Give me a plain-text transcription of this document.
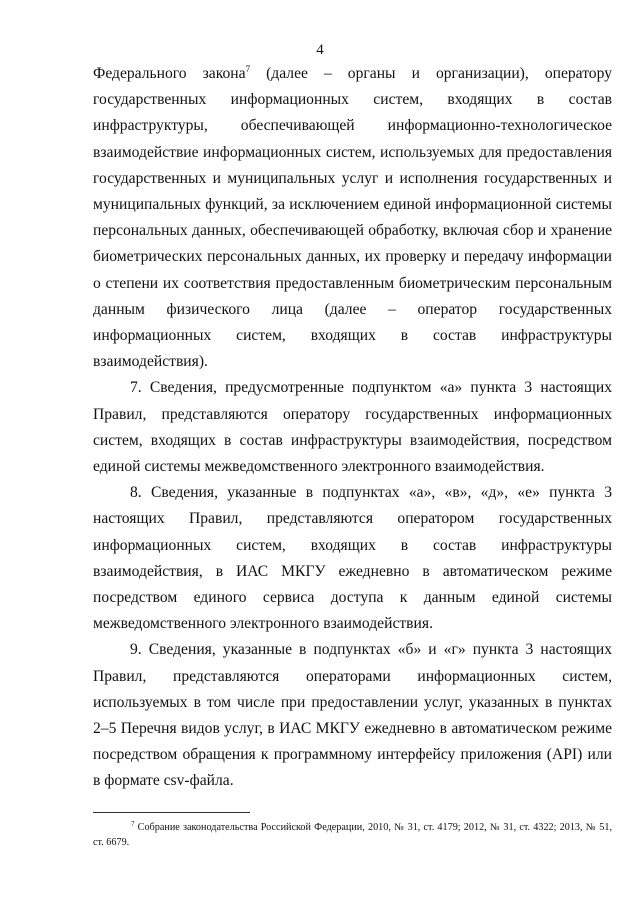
4

Федерального закона$^7$ (далее – органы и организации), оператору государственных информационных систем, входящих в состав инфраструктуры, обеспечивающей информационно-технологическое взаимодействие информационных систем, используемых для предоставления государственных и муниципальных услуг и исполнения государственных и муниципальных функций, за исключением единой информационной системы персональных данных, обеспечивающей обработку, включая сбор и хранение биометрических персональных данных, их проверку и передачу информации о степени их соответствия предоставленным биометрическим персональным данным физического лица (далее – оператор государственных информационных систем, входящих в состав инфраструктуры взаимодействия).

7. Сведения, предусмотренные подпунктом «а» пункта 3 настоящих Правил, представляются оператору государственных информационных систем, входящих в состав инфраструктуры взаимодействия, посредством единой системы межведомственного электронного взаимодействия.

8. Сведения, указанные в подпунктах «а», «в», «д», «е» пункта 3 настоящих Правил, представляются оператором государственных информационных систем, входящих в состав инфраструктуры взаимодействия, в ИАС МКГУ ежедневно в автоматическом режиме посредством единого сервиса доступа к данным единой системы межведомственного электронного взаимодействия.

9. Сведения, указанные в подпунктах «б» и «г» пункта 3 настоящих Правил, представляются операторами информационных систем, используемых в том числе при предоставлении услуг, указанных в пунктах 2–5 Перечня видов услуг, в ИАС МКГУ ежедневно в автоматическом режиме посредством обращения к программному интерфейсу приложения (API) или в формате csv-файла.

$^7$ Собрание законодательства Российской Федерации, 2010, № 31, ст. 4179; 2012, № 31, ст. 4322; 2013, № 51, ст. 6679.
